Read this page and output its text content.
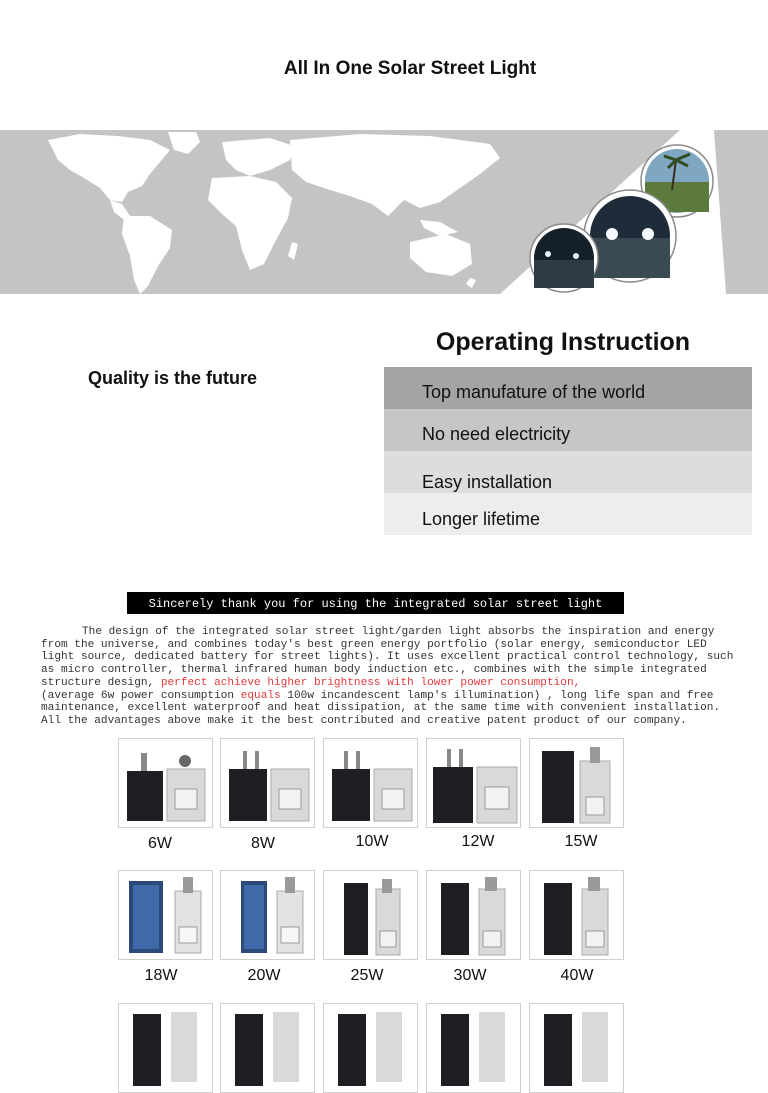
All In One Solar Street Light
Quality is the future
Operating Instruction
Top manufature of the world
No need electricity
Easy installation
Longer lifetime
Sincerely thank you for using the integrated solar street light

The design of the integrated solar street light/garden light absorbs the inspiration and energy from the universe, and combines today's best green energy portfolio (solar energy, semiconductor LED light source, dedicated battery for street lights). It uses excellent practical control technology, such as micro controller, thermal infrared human body induction etc., combines with the simple integrated structure design, perfect achieve higher brightness with lower power consumption,
(average 6w power consumption equals 100w incandescent lamp's illumination) , long life span and free maintenance, excellent waterproof and heat dissipation, at the same time with convenient installation. All the advantages above make it the best contributed and creative patent product of our company.

6W	8W	10W	12W	15W
18W	20W	25W	30W	40W
